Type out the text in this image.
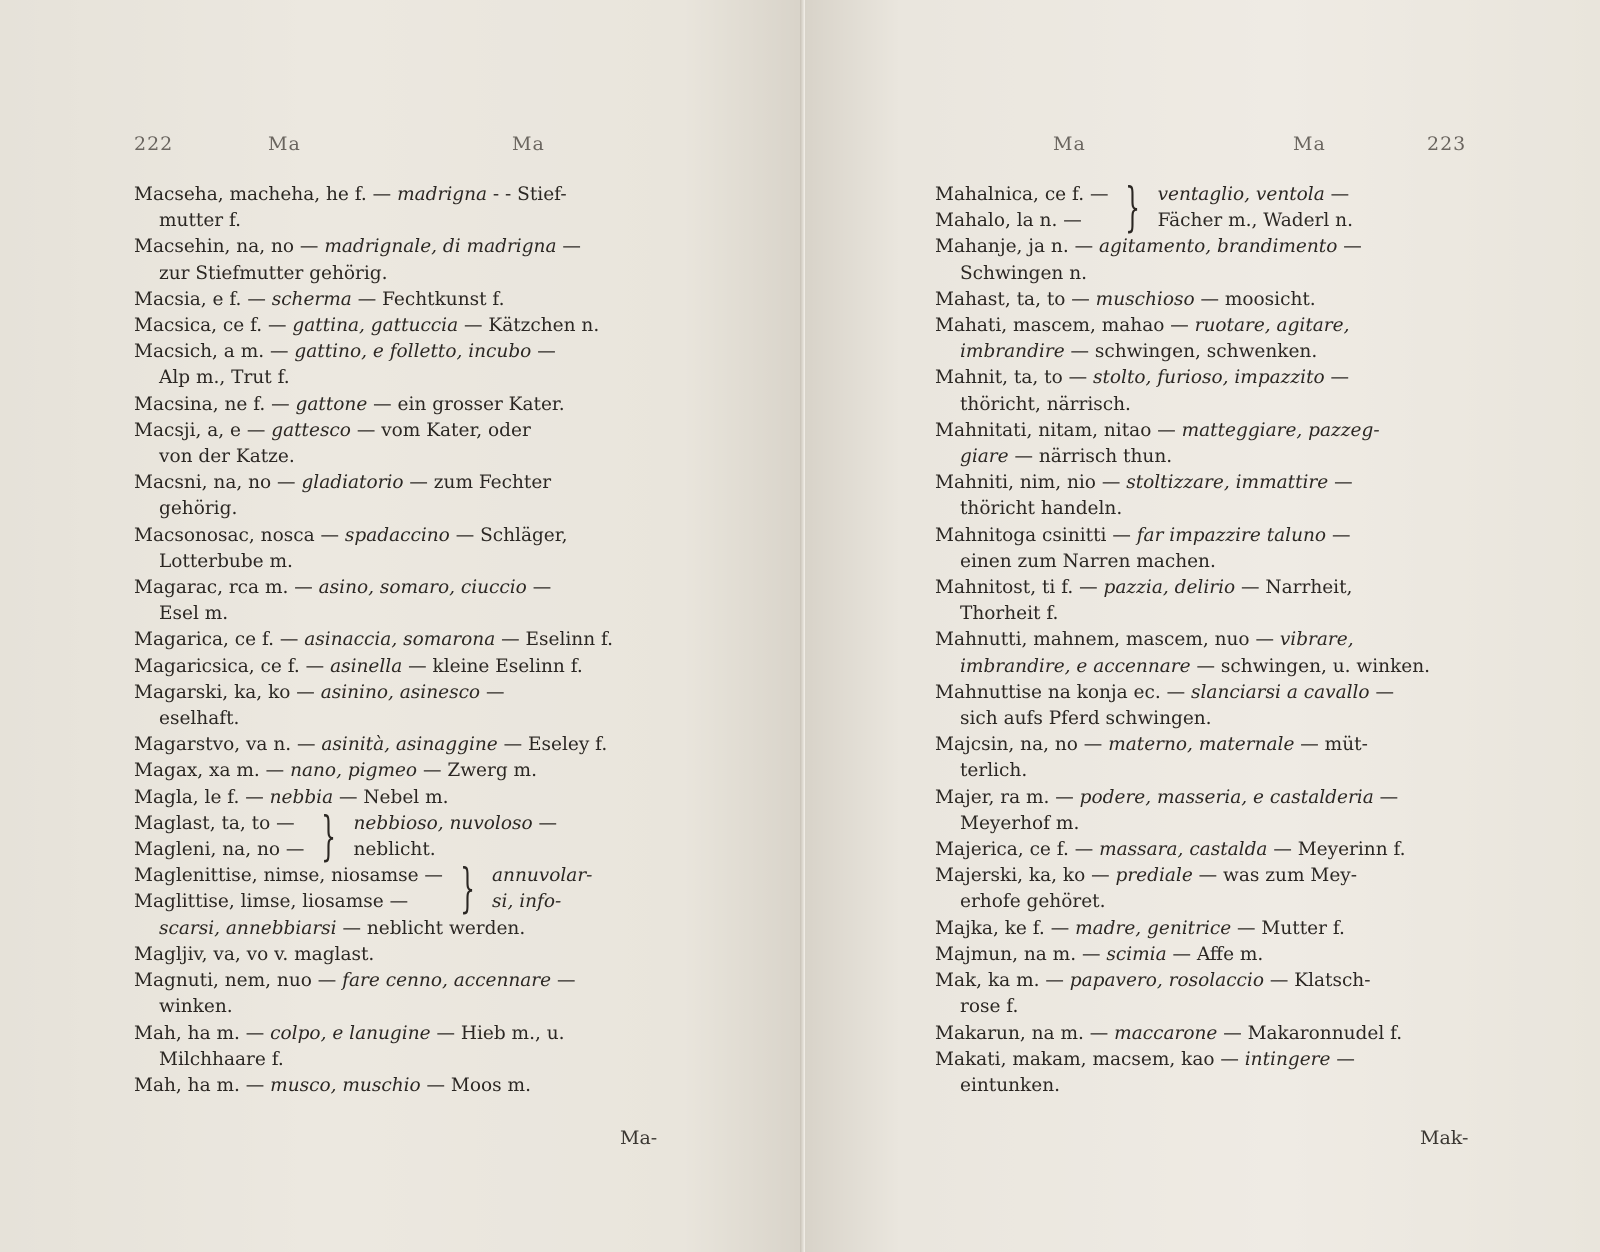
222	Ma	Ma
Macseha, macheha, he f. — madrigna - - Stief-
mutter f.
Macsehin, na, no — madrignale, di madrigna —
zur Stiefmutter gehörig.
Macsia, e f. — scherma — Fechtkunst f.
Macsica, ce f. — gattina, gattuccia — Kätzchen n.
Macsich, a m. — gattino, e folletto, incubo —
Alp m., Trut f.
Macsina, ne f. — gattone — ein grosser Kater.
Macsji, a, e — gattesco — vom Kater, oder
von der Katze.
Macsni, na, no — gladiatorio — zum Fechter
gehörig.
Macsonosac, nosca — spadaccino — Schläger,
Lotterbube m.
Magarac, rca m. — asino, somaro, ciuccio —
Esel m.
Magarica, ce f. — asinaccia, somarona — Eselinn f.
Magaricsica, ce f. — asinella — kleine Eselinn f.
Magarski, ka, ko — asinino, asinesco —
eselhaft.
Magarstvo, va n. — asinità, asinaggine — Eseley f.
Magax, xa m. — nano, pigmeo — Zwerg m.
Magla, le f. — nebbia — Nebel m.
Maglast, ta, to —
Magleni, na, no — } nebbioso, nuvoloso —
neblicht.
Maglenittise, nimse, niosamse —
Maglittise, limse, liosamse — } annuvolar-
si, info-
scarsi, annebbiarsi — neblicht werden.
Magljiv, va, vo v. maglast.
Magnuti, nem, nuo — fare cenno, accennare —
winken.
Mah, ha m. — colpo, e lanugine — Hieb m., u.
Milchhaare f.
Mah, ha m. — musco, muschio — Moos m.
Ma-
Ma	Ma	223
Mahalnica, ce f. —
Mahalo, la n. — } ventaglio, ventola —
Fächer m., Waderl n.
Mahanje, ja n. — agitamento, brandimento —
Schwingen n.
Mahast, ta, to — muschioso — moosicht.
Mahati, mascem, mahao — ruotare, agitare,
imbrandire — schwingen, schwenken.
Mahnit, ta, to — stolto, furioso, impazzito —
thöricht, närrisch.
Mahnitati, nitam, nitao — matteggiare, pazzeg-
giare — närrisch thun.
Mahniti, nim, nio — stoltizzare, immattire —
thöricht handeln.
Mahnitoga csinitti — far impazzire taluno —
einen zum Narren machen.
Mahnitost, ti f. — pazzia, delirio — Narrheit,
Thorheit f.
Mahnutti, mahnem, mascem, nuo — vibrare,
imbrandire, e accennare — schwingen, u. winken.
Mahnuttise na konja ec. — slanciarsi a cavallo —
sich aufs Pferd schwingen.
Majcsin, na, no — materno, maternale — müt-
terlich.
Majer, ra m. — podere, masseria, e castalderia —
Meyerhof m.
Majerica, ce f. — massara, castalda — Meyerinn f.
Majerski, ka, ko — prediale — was zum Mey-
erhofe gehöret.
Majka, ke f. — madre, genitrice — Mutter f.
Majmun, na m. — scimia — Affe m.
Mak, ka m. — papavero, rosolaccio — Klatsch-
rose f.
Makarun, na m. — maccarone — Makaronnudel f.
Makati, makam, macsem, kao — intingere —
eintunken.
Mak-
